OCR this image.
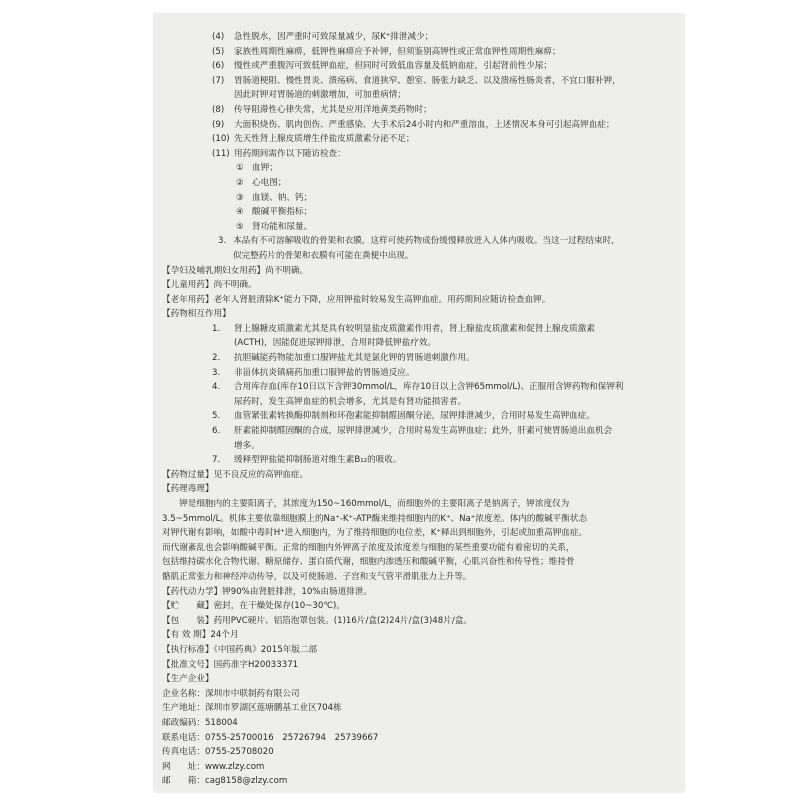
(4) 急性脱水，因严重时可致尿量减少，尿K⁺排泄减少；
(5) 家族性周期性麻痹，低钾性麻痹应予补钾，但须鉴别高钾性或正常血钾性周期性麻痹；
(6) 慢性或严重腹泻可致低钾血症，但同时可致低血容量及低钠血症，引起肾前性少尿；
(7) 胃肠道梗阻、慢性胃炎、溃疡病、食道狭窄、憩室、肠张力缺乏、以及溃疡性肠炎者，不宜口服补钾，
因此时钾对胃肠道的刺激增加，可加重病情；
(8) 传导阻滞性心律失常，尤其是应用洋地黄类药物时；
(9) 大面积烧伤、肌肉创伤、严重感染、大手术后24小时内和严重溶血，上述情况本身可引起高钾血症；
(10) 先天性肾上腺皮质增生伴盐皮质激素分泌不足；
(11) 用药期间需作以下随访检查：
① 血钾；
② 心电图；
③ 血镁、钠、钙；
④ 酸碱平衡指标；
⑤ 肾功能和尿量。
3. 本品有不可溶解吸收的骨架和衣膜，这样可使药物成份缓慢释放进入人体内吸收。当这一过程结束时，
似完整药片的骨架和衣膜有可能在粪便中出现。
【孕妇及哺乳期妇女用药】尚不明确。
【儿童用药】尚不明确。
【老年用药】老年人肾脏清除K⁺能力下降，应用钾盐时较易发生高钾血症。用药期间应随访检查血钾。
【药物相互作用】
1. 肾上腺糖皮质激素尤其是具有较明显盐皮质激素作用者，肾上腺盐皮质激素和促肾上腺皮质激素
(ACTH)，因能促进尿钾排泄，合用时降低钾盐疗效。
2. 抗胆碱能药物能加重口服钾盐尤其是氯化钾的胃肠道刺激作用。
3. 非甾体抗炎镇痛药加重口服钾盐的胃肠道反应。
4. 合用库存血(库存10日以下含钾30mmol/L，库存10日以上含钾65mmol/L)、正服用含钾药物和保钾利
尿药时，发生高钾血症的机会增多，尤其是有肾功能损害者。
5. 血管紧张素转换酶抑制剂和环孢素能抑制醛固酮分泌，尿钾排泄减少，合用时易发生高钾血症。
6. 肝素能抑制醛固酮的合成，尿钾排泄减少，合用时易发生高钾血症；此外，肝素可使胃肠道出血机会
增多。
7. 缓释型钾盐能抑制肠道对维生素B₁₂的吸收。
【药物过量】见不良反应的高钾血症。
【药理毒理】
　　钾是细胞内的主要阳离子，其浓度为150~160mmol/L，而细胞外的主要阳离子是钠离子，钾浓度仅为
3.5~5mmol/L。机体主要依靠细胞膜上的Na⁺-K⁺-ATP酶来维持细胞内的K⁺、Na⁺浓度差。体内的酸碱平衡状态
对钾代谢有影响，如酸中毒时H⁺进入细胞内，为了维持细胞的电位差，K⁺释出到细胞外，引起或加重高钾血症。
而代谢紊乱也会影响酸碱平衡。正常的细胞内外钾离子浓度及浓度差与细胞的某些重要功能有着密切的关系，
包括维持碳水化合物代谢、糖原储存、蛋白质代谢，细胞内渗透压和酸碱平衡，心肌兴奋性和传导性；维持骨
骼肌正常张力和神经冲动传导，以及可使肠道、子宫和支气管平滑肌张力上升等。
【药代动力学】钾90%由肾脏排泄，10%由肠道排泄。
【贮　　藏】密封，在干燥处保存(10~30℃)。
【包　　装】药用PVC硬片、铝箔泡罩包装。(1)16片/盒(2)24片/盒(3)48片/盒。
【有 效 期】24个月
【执行标准】《中国药典》2015年版二部
【批准文号】国药准字H20033371
【生产企业】
企业名称：深圳市中联制药有限公司
生产地址：深圳市罗湖区莲塘鹏基工业区704栋
邮政编码：518004
联系电话：0755-25700016　25726794　25739667
传真电话：0755-25708020
网　　址：www.zlzy.com
邮　　箱：cag8158@zlzy.com
